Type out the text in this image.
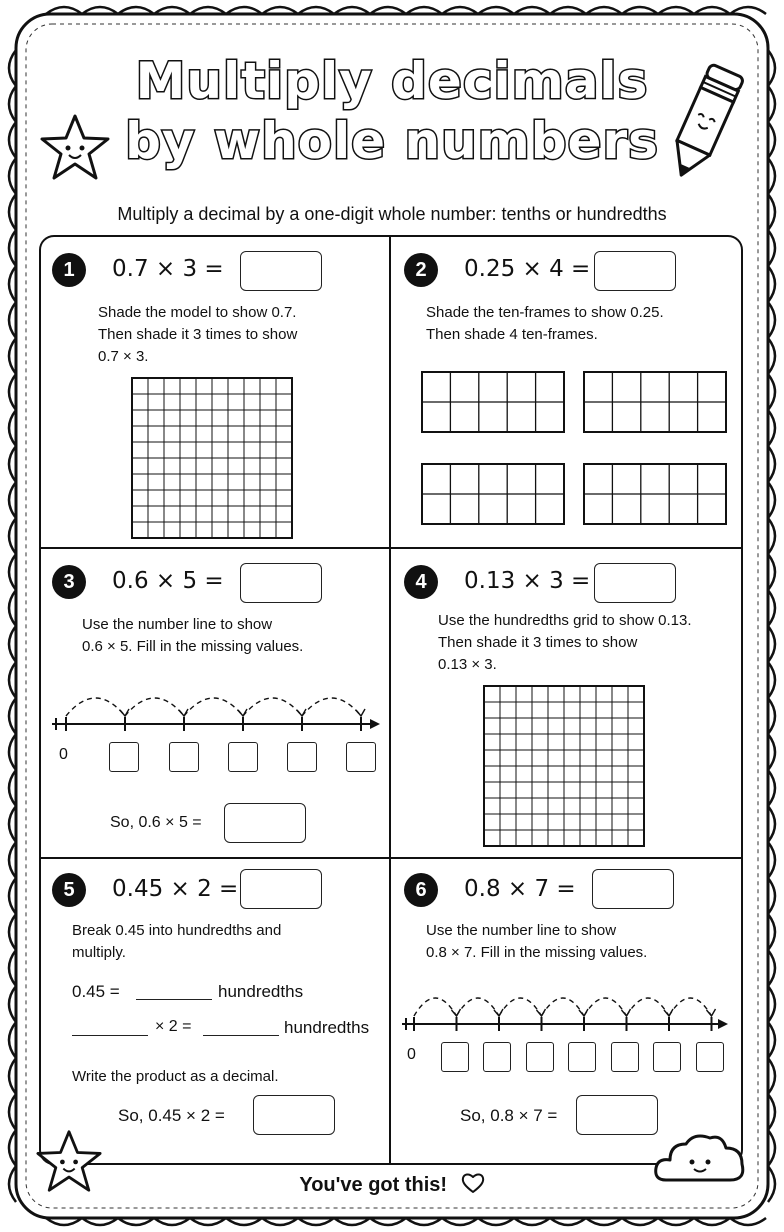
Multiply decimals
by whole numbers
Multiply a decimal by a one-digit whole number: tenths or hundredths
1	0.7 × 3 =
Shade the model to show 0.7.
Then shade it 3 times to show
0.7 × 3.
2	0.25 × 4 =
Shade the ten-frames to show 0.25.
Then shade 4 ten-frames.
3	0.6 × 5 =
Use the number line to show
0.6 × 5. Fill in the missing values.
0
So, 0.6 × 5 =
4	0.13 × 3 =
Use the hundredths grid to show 0.13.
Then shade it 3 times to show
0.13 × 3.
5	0.45 × 2 =
Break 0.45 into hundredths and
multiply.
0.45 =	hundredths
× 2 =	hundredths
Write the product as a decimal.
So, 0.45 × 2 =
6	0.8 × 7 =
Use the number line to show
0.8 × 7. Fill in the missing values.
0
So, 0.8 × 7 =
You've got this!
